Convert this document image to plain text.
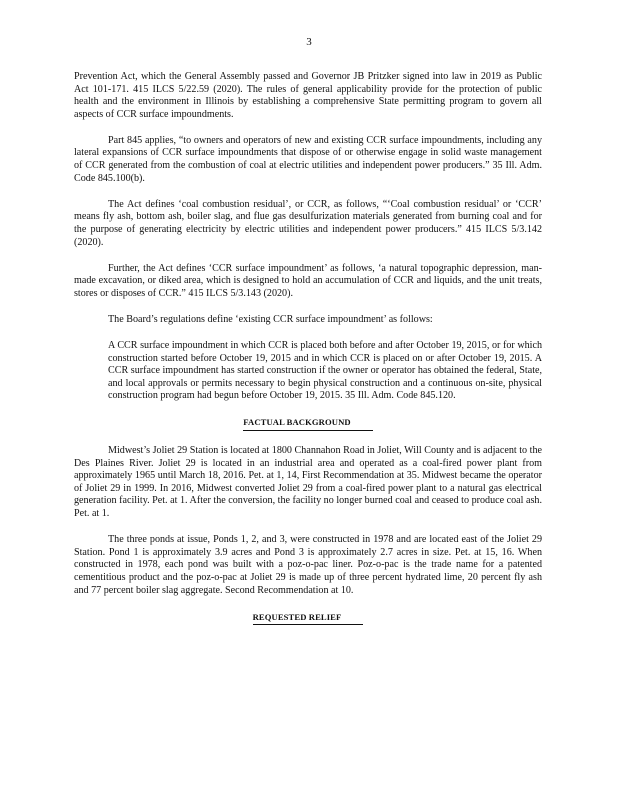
3

Prevention Act, which the General Assembly passed and Governor JB Pritzker signed into law in 2019 as Public Act 101-171. 415 ILCS 5/22.59 (2020). The rules of general applicability provide for the protection of public health and the environment in Illinois by establishing a comprehensive State permitting program to govern all aspects of CCR surface impoundments.

Part 845 applies, “to owners and operators of new and existing CCR surface impoundments, including any lateral expansions of CCR surface impoundments that dispose of or otherwise engage in solid waste management of CCR generated from the combustion of coal at electric utilities and independent power producers.” 35 Ill. Adm. Code 845.100(b).

The Act defines ‘coal combustion residual’, or CCR, as follows, “‘Coal combustion residual’ or ‘CCR’ means fly ash, bottom ash, boiler slag, and flue gas desulfurization materials generated from burning coal and for the purpose of generating electricity by electric utilities and independent power producers.” 415 ILCS 5/3.142 (2020).

Further, the Act defines ‘CCR surface impoundment’ as follows, ‘a natural topographic depression, man-made excavation, or diked area, which is designed to hold an accumulation of CCR and liquids, and the unit treats, stores or disposes of CCR.” 415 ILCS 5/3.143 (2020).

The Board’s regulations define ‘existing CCR surface impoundment’ as follows:

A CCR surface impoundment in which CCR is placed both before and after October 19, 2015, or for which construction started before October 19, 2015 and in which CCR is placed on or after October 19, 2015. A CCR surface impoundment has started construction if the owner or operator has obtained the federal, State, and local approvals or permits necessary to begin physical construction and a continuous on-site, physical construction program had begun before October 19, 2015. 35 Ill. Adm. Code 845.120.

FACTUAL BACKGROUND

Midwest’s Joliet 29 Station is located at 1800 Channahon Road in Joliet, Will County and is adjacent to the Des Plaines River. Joliet 29 is located in an industrial area and operated as a coal-fired power plant from approximately 1965 until March 18, 2016. Pet. at 1, 14, First Recommendation at 35. Midwest became the operator of Joliet 29 in 1999. In 2016, Midwest converted Joliet 29 from a coal-fired power plant to a natural gas electrical generation facility. Pet. at 1. After the conversion, the facility no longer burned coal and ceased to produce coal ash. Pet. at 1.

The three ponds at issue, Ponds 1, 2, and 3, were constructed in 1978 and are located east of the Joliet 29 Station. Pond 1 is approximately 3.9 acres and Pond 3 is approximately 2.7 acres in size. Pet. at 15, 16. When constructed in 1978, each pond was built with a poz-o-pac liner. Poz-o-pac is the trade name for a patented cementitious product and the poz-o-pac at Joliet 29 is made up of three percent hydrated lime, 20 percent fly ash and 77 percent boiler slag aggregate. Second Recommendation at 10.

REQUESTED RELIEF
